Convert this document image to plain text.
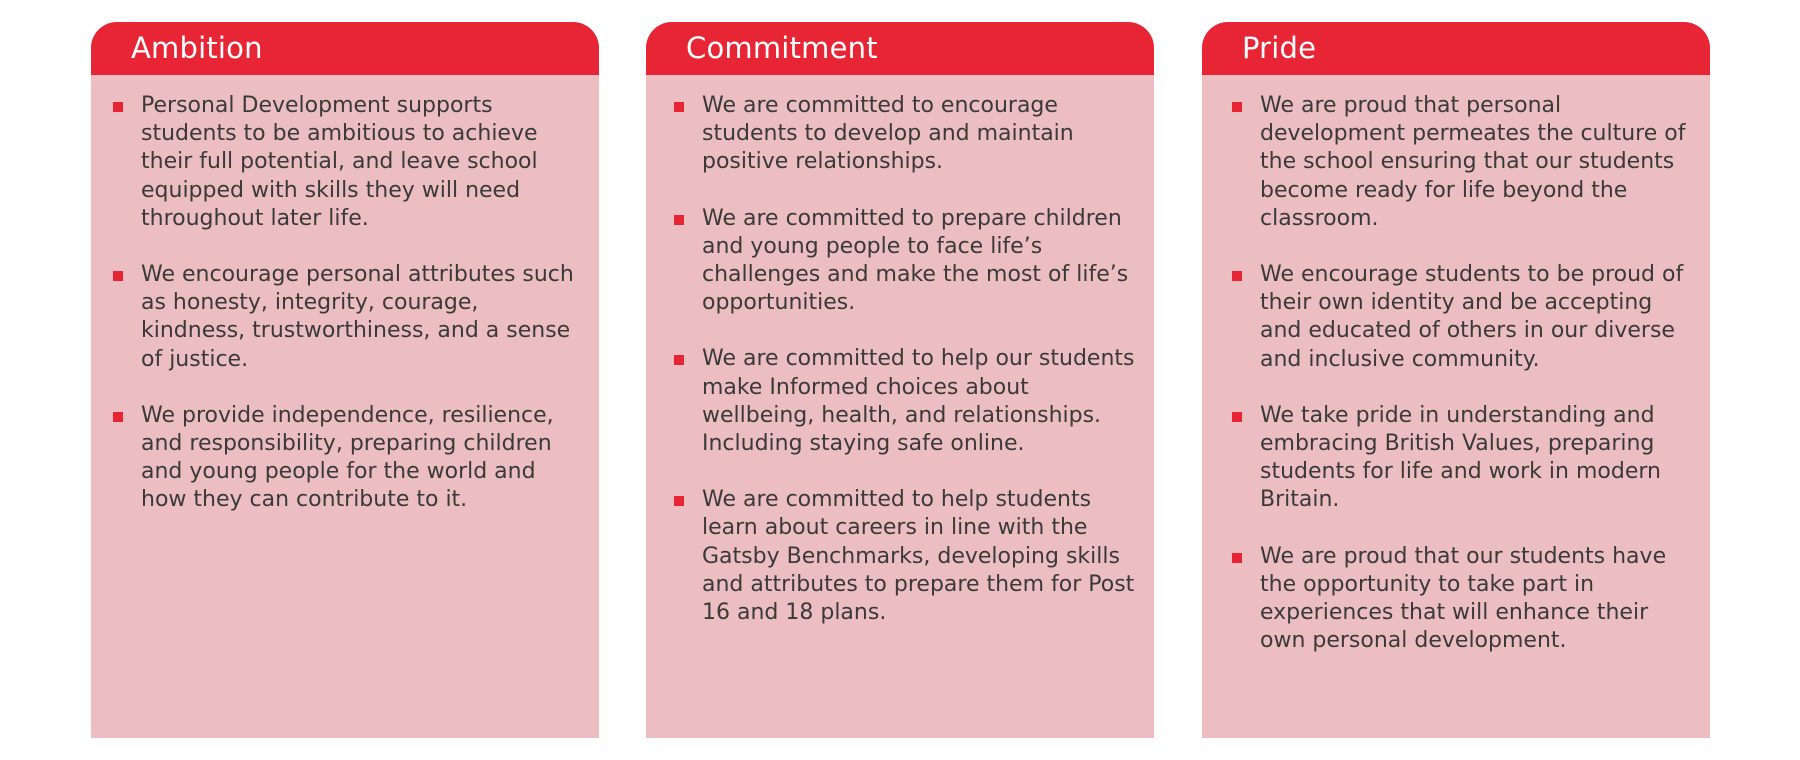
Ambition
Personal Development supports students to be ambitious to achieve their full potential, and leave school equipped with skills they will need throughout later life.
We encourage personal attributes such as honesty, integrity, courage, kindness, trustworthiness, and a sense of justice.
We provide independence, resilience, and responsibility, preparing children and young people for the world and how they can contribute to it.
Commitment
We are committed to encourage students to develop and maintain positive relationships.
We are committed to prepare children and young people to face life’s challenges and make the most of life’s opportunities.
We are committed to help our students make Informed choices about wellbeing, health, and relationships. Including staying safe online.
We are committed to help students learn about careers in line with the Gatsby Benchmarks, developing skills and attributes to prepare them for Post 16 and 18 plans.
Pride
We are proud that personal development permeates the culture of the school ensuring that our students become ready for life beyond the classroom.
We encourage students to be proud of their own identity and be accepting and educated of others in our diverse and inclusive community.
We take pride in understanding and embracing British Values, preparing students for life and work in modern Britain.
We are proud that our students have the opportunity to take part in experiences that will enhance their own personal development.
